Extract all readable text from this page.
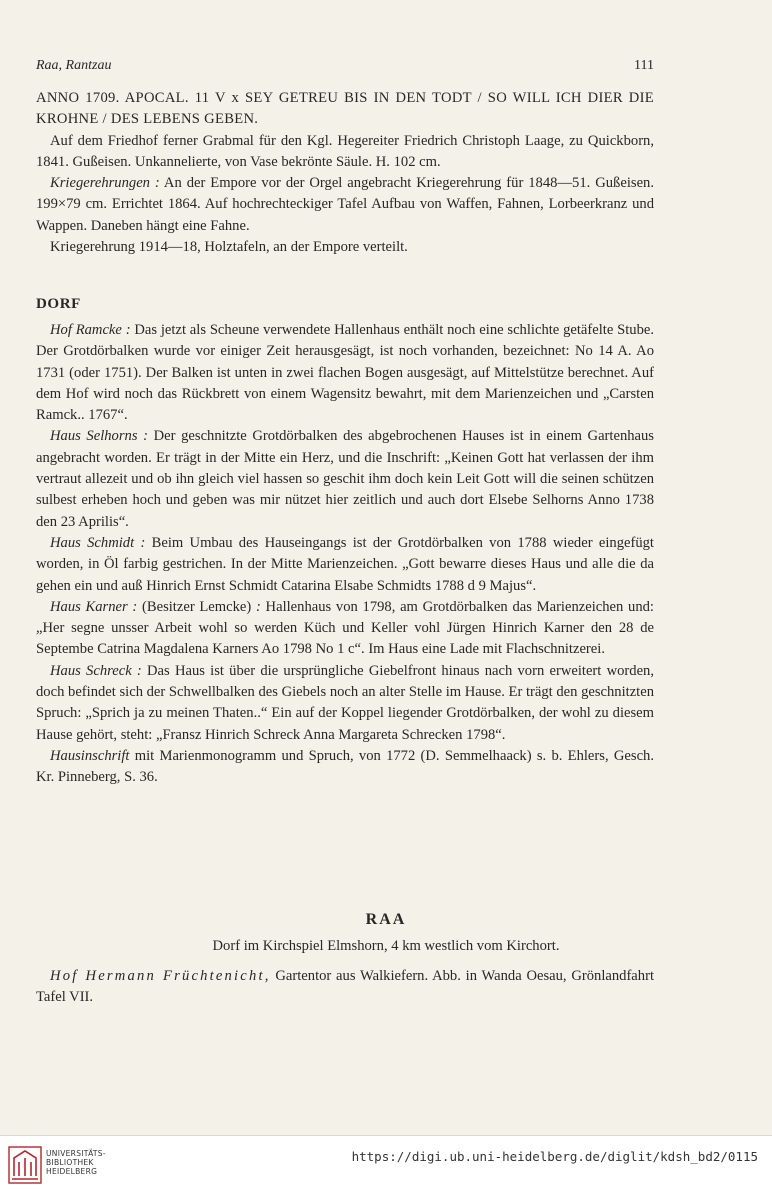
Raa, Rantzau	111

ANNO 1709. APOCAL. 11 V x SEY GETREU BIS IN DEN TODT / SO WILL ICH DIER DIE KROHNE / DES LEBENS GEBEN.

Auf dem Friedhof ferner Grabmal für den Kgl. Hegereiter Friedrich Christoph Laage, zu Quickborn, 1841. Gußeisen. Unkannelierte, von Vase bekrönte Säule. H. 102 cm.

Kriegerehrungen : An der Empore vor der Orgel angebracht Kriegerehrung für 1848—51. Gußeisen. 199×79 cm. Errichtet 1864. Auf hochrechteckiger Tafel Aufbau von Waffen, Fahnen, Lorbeerkranz und Wappen. Daneben hängt eine Fahne.

Kriegerehrung 1914—18, Holztafeln, an der Empore verteilt.

DORF

Hof Ramcke : Das jetzt als Scheune verwendete Hallenhaus enthält noch eine schlichte getäfelte Stube. Der Grotdörbalken wurde vor einiger Zeit herausgesägt, ist noch vorhanden, bezeichnet: No 14 A. Ao 1731 (oder 1751). Der Balken ist unten in zwei flachen Bogen ausgesägt, auf Mittelstütze berechnet. Auf dem Hof wird noch das Rückbrett von einem Wagensitz bewahrt, mit dem Marienzeichen und „Carsten Ramck.. 1767“.

Haus Selhorns : Der geschnitzte Grotdörbalken des abgebrochenen Hauses ist in einem Gartenhaus angebracht worden. Er trägt in der Mitte ein Herz, und die Inschrift: „Keinen Gott hat verlassen der ihm vertraut allezeit und ob ihn gleich viel hassen so geschit ihm doch kein Leit Gott will die seinen schützen sulbest erheben hoch und geben was mir nützet hier zeitlich und auch dort Elsebe Selhorns Anno 1738 den 23 Aprilis“.

Haus Schmidt : Beim Umbau des Hauseingangs ist der Grotdörbalken von 1788 wieder eingefügt worden, in Öl farbig gestrichen. In der Mitte Marienzeichen. „Gott bewarre dieses Haus und alle die da gehen ein und auß Hinrich Ernst Schmidt Catarina Elsabe Schmidts 1788 d 9 Majus“.

Haus Karner : (Besitzer Lemcke) : Hallenhaus von 1798, am Grotdörbalken das Marienzeichen und: „Her segne unsser Arbeit wohl so werden Küch und Keller vohl Jürgen Hinrich Karner den 28 de Septembe Catrina Magdalena Karners Ao 1798 No 1 c“. Im Haus eine Lade mit Flachschnitzerei.

Haus Schreck : Das Haus ist über die ursprüngliche Giebelfront hinaus nach vorn erweitert worden, doch befindet sich der Schwellbalken des Giebels noch an alter Stelle im Hause. Er trägt den geschnitzten Spruch: „Sprich ja zu meinen Thaten..“ Ein auf der Koppel liegender Grotdörbalken, der wohl zu diesem Hause gehört, steht: „Fransz Hinrich Schreck Anna Margareta Schrecken 1798“.

Hausinschrift mit Marienmonogramm und Spruch, von 1772 (D. Semmelhaack) s. b. Ehlers, Gesch. Kr. Pinneberg, S. 36.

RAA
Dorf im Kirchspiel Elmshorn, 4 km westlich vom Kirchort.

Hof Hermann Früchtenicht, Gartentor aus Walkiefern. Abb. in Wanda Oesau, Grönlandfahrt Tafel VII.

UNIVERSITÄTS-
BIBLIOTHEK
HEIDELBERG
https://digi.ub.uni-heidelberg.de/diglit/kdsh_bd2/0115
